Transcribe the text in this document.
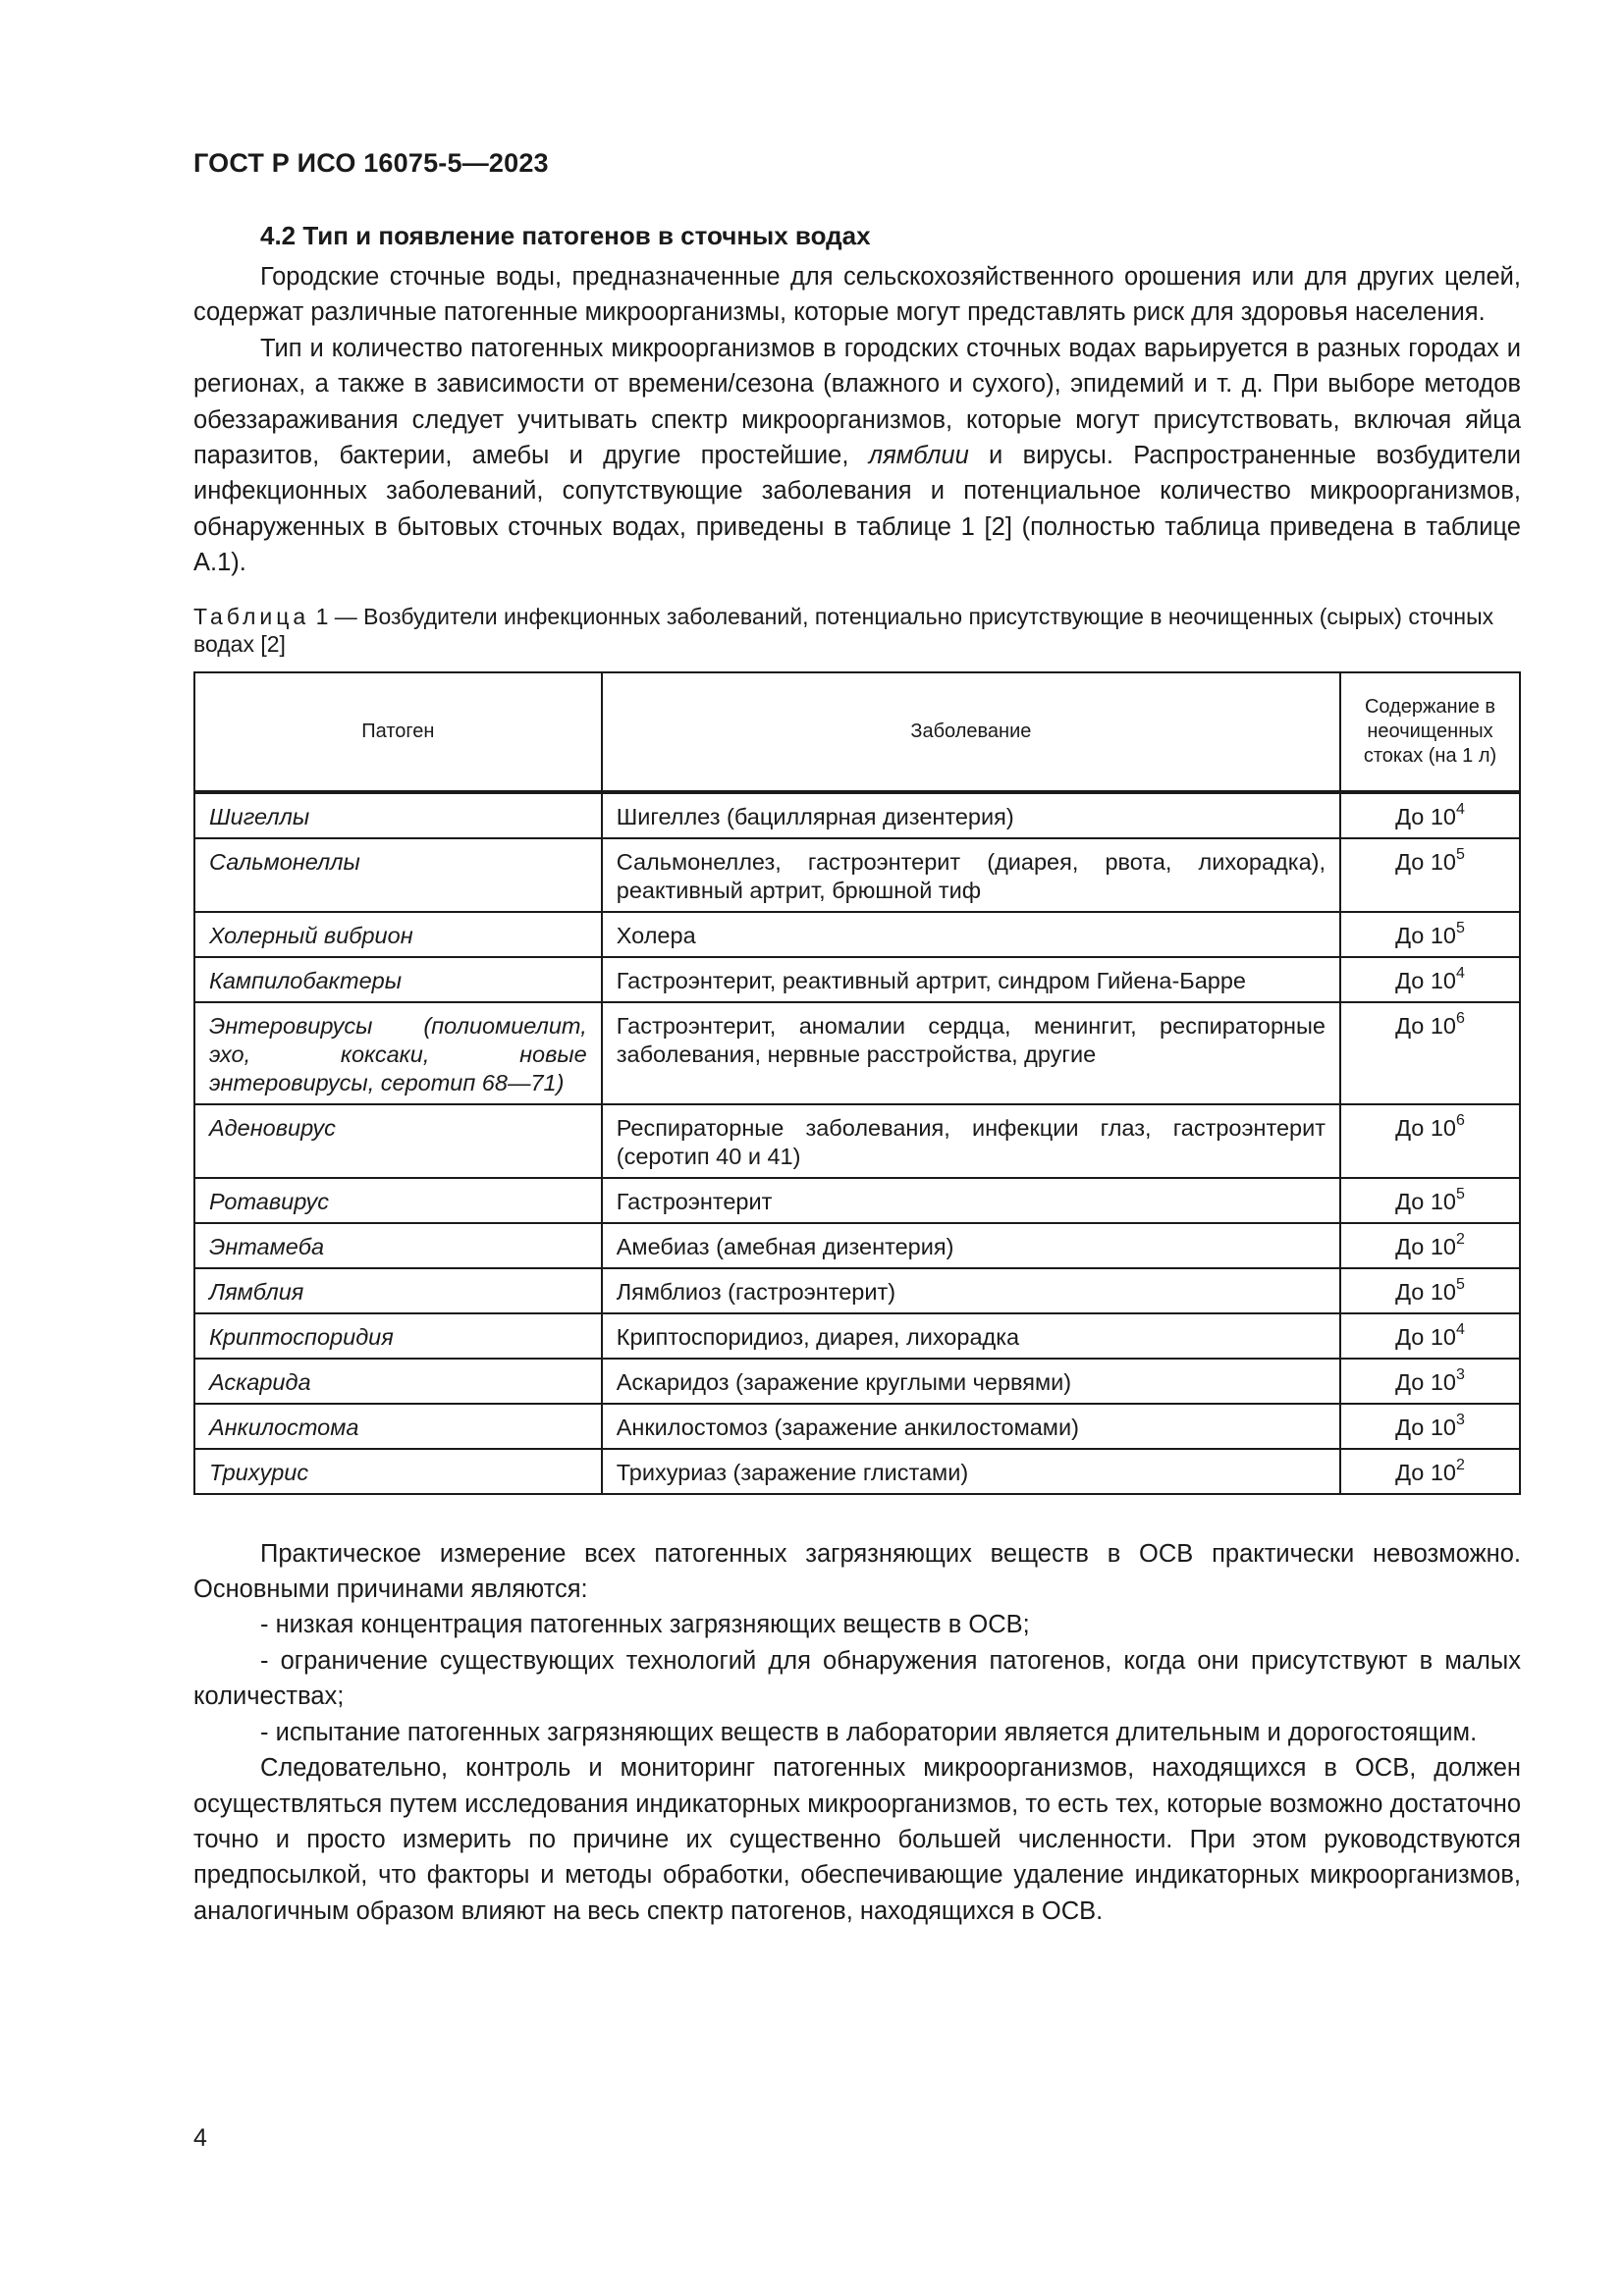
ГОСТ Р ИСО 16075-5—2023
4.2 Тип и появление патогенов в сточных водах

Городские сточные воды, предназначенные для сельскохозяйственного орошения или для других целей, содержат различные патогенные микроорганизмы, которые могут представлять риск для здоровья населения.

Тип и количество патогенных микроорганизмов в городских сточных водах варьируется в разных городах и регионах, а также в зависимости от времени/сезона (влажного и сухого), эпидемий и т. д. При выборе методов обеззараживания следует учитывать спектр микроорганизмов, которые могут присутствовать, включая яйца паразитов, бактерии, амебы и другие простейшие, лямблии и вирусы. Распространенные возбудители инфекционных заболеваний, сопутствующие заболевания и потенциальное количество микроорганизмов, обнаруженных в бытовых сточных водах, приведены в таблице 1 [2] (полностью таблица приведена в таблице А.1).

Таблица 1 — Возбудители инфекционных заболеваний, потенциально присутствующие в неочищенных (сырых) сточных водах [2]
Патоген	Заболевание	Содержание в неочищенных стоках (на 1 л)
Шигеллы	Шигеллез (бациллярная дизентерия)	До $10^4$
Сальмонеллы	Сальмонеллез, гастроэнтерит (диарея, рвота, лихорадка), реактивный артрит, брюшной тиф	До $10^5$
Холерный вибрион	Холера	До $10^5$
Кампилобактеры	Гастроэнтерит, реактивный артрит, синдром Гийена-Барре	До $10^4$
Энтеровирусы (полиомиелит, эхо, коксаки, новые энтеровирусы, серотип 68—71)	Гастроэнтерит, аномалии сердца, менингит, респираторные заболевания, нервные расстройства, другие	До $10^6$
Аденовирус	Респираторные заболевания, инфекции глаз, гастроэнтерит (серотип 40 и 41)	До $10^6$
Ротавирус	Гастроэнтерит	До $10^5$
Энтамеба	Амебиаз (амебная дизентерия)	До $10^2$
Лямблия	Лямблиоз (гастроэнтерит)	До $10^5$
Криптоспоридия	Криптоспоридиоз, диарея, лихорадка	До $10^4$
Аскарида	Аскаридоз (заражение круглыми червями)	До $10^3$
Анкилостома	Анкилостомоз (заражение анкилостомами)	До $10^3$
Трихурис	Трихуриаз (заражение глистами)	До $10^2$

Практическое измерение всех патогенных загрязняющих веществ в ОСВ практически невозможно. Основными причинами являются:

- низкая концентрация патогенных загрязняющих веществ в ОСВ;

- ограничение существующих технологий для обнаружения патогенов, когда они присутствуют в малых количествах;

- испытание патогенных загрязняющих веществ в лаборатории является длительным и дорогостоящим.

Следовательно, контроль и мониторинг патогенных микроорганизмов, находящихся в ОСВ, должен осуществляться путем исследования индикаторных микроорганизмов, то есть тех, которые возможно достаточно точно и просто измерить по причине их существенно большей численности. При этом руководствуются предпосылкой, что факторы и методы обработки, обеспечивающие удаление индикаторных микроорганизмов, аналогичным образом влияют на весь спектр патогенов, находящихся в ОСВ.

4
